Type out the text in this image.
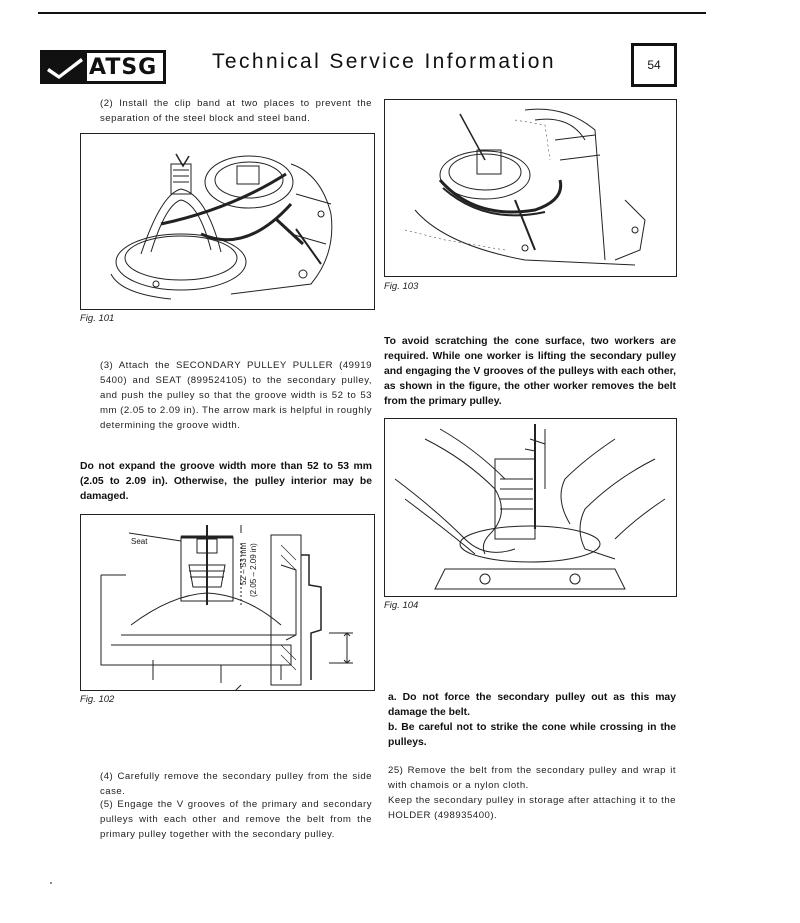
ATSG	Technical Service Information	54
(2) Install the clip band at two places to prevent the separation of the steel block and steel band.
Fig. 101
(3) Attach the SECONDARY PULLEY PULLER (49919 5400) and SEAT (899524105) to the secondary pulley, and push the pulley so that the groove width is 52 to 53 mm (2.05 to 2.09 in). The arrow mark is helpful in roughly determining the groove width.
Do not expand the groove width more than 52 to 53 mm (2.05 to 2.09 in). Otherwise, the pulley interior may be damaged.
Seat
52 – 53 mm (2.05 – 2.09 in)
Fig. 102
(4) Carefully remove the secondary pulley from the side case.
(5) Engage the V grooves of the primary and secondary pulleys with each other and remove the belt from the primary pulley together with the secondary pulley.
Fig. 103
To avoid scratching the cone surface, two workers are required. While one worker is lifting the secondary pulley and engaging the V grooves of the pulleys with each other, as shown in the figure, the other worker removes the belt from the primary pulley.
Fig. 104
a. Do not force the secondary pulley out as this may damage the belt.
b. Be careful not to strike the cone while crossing in the pulleys.
25) Remove the belt from the secondary pulley and wrap it with chamois or a nylon cloth.
Keep the secondary pulley in storage after attaching it to the HOLDER (498935400).
